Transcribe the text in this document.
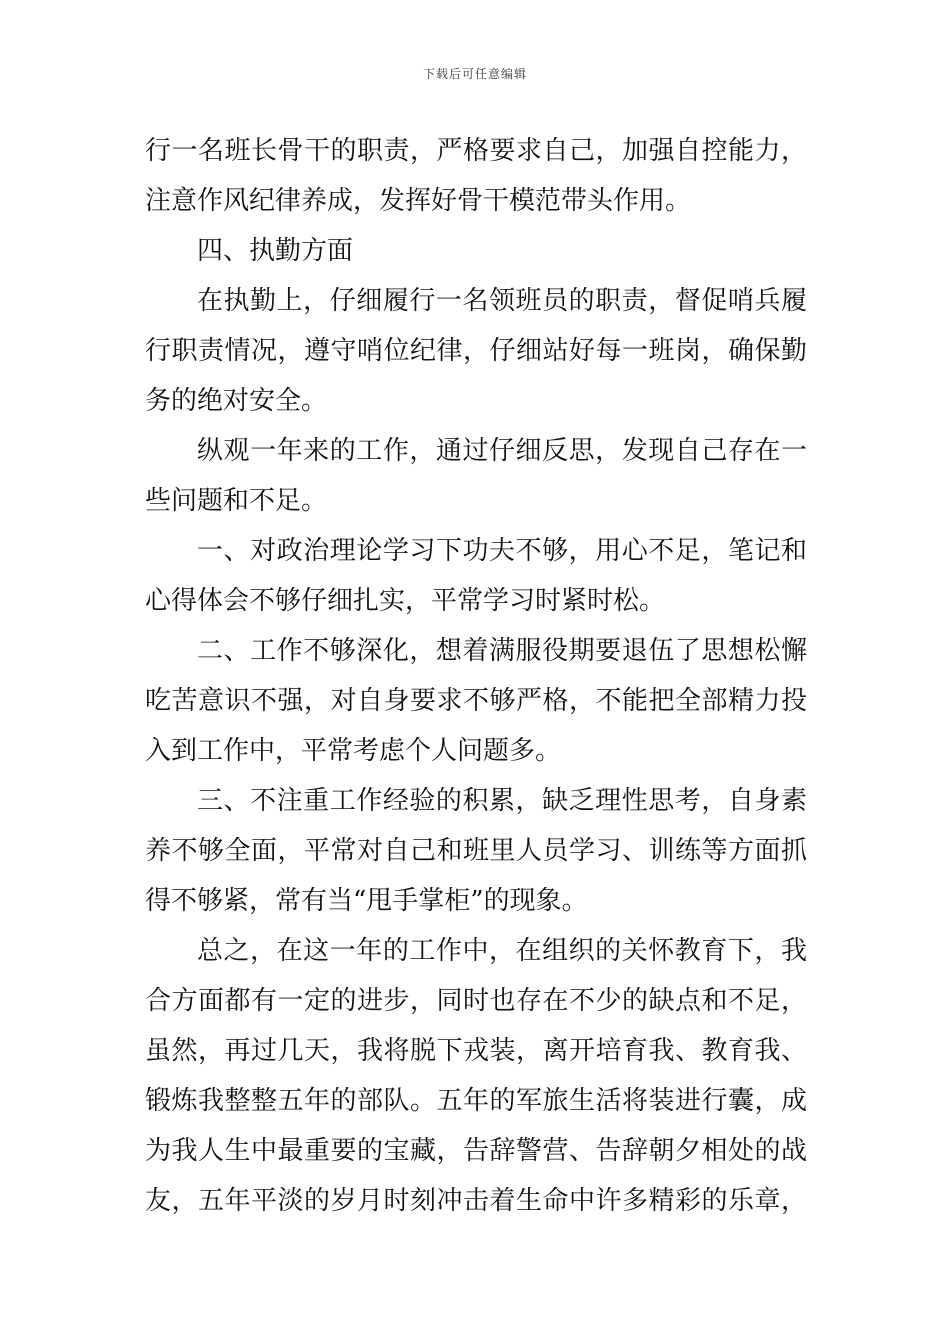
下载后可任意编辑
行一名班长骨干的职责，严格要求自己，加强自控能力，
注意作风纪律养成，发挥好骨干模范带头作用。
四、执勤方面
在执勤上，仔细履行一名领班员的职责，督促哨兵履
行职责情况，遵守哨位纪律，仔细站好每一班岗，确保勤
务的绝对安全。
纵观一年来的工作，通过仔细反思，发现自己存在一
些问题和不足。
一、对政治理论学习下功夫不够，用心不足，笔记和
心得体会不够仔细扎实，平常学习时紧时松。
二、工作不够深化，想着满服役期要退伍了思想松懈
吃苦意识不强，对自身要求不够严格，不能把全部精力投
入到工作中，平常考虑个人问题多。
三、不注重工作经验的积累，缺乏理性思考，自身素
养不够全面，平常对自己和班里人员学习、训练等方面抓
得不够紧，常有当“甩手掌柜”的现象。
总之，在这一年的工作中，在组织的关怀教育下，我
合方面都有一定的进步，同时也存在不少的缺点和不足，
虽然，再过几天，我将脱下戎装，离开培育我、教育我、
锻炼我整整五年的部队。五年的军旅生活将装进行囊，成
为我人生中最重要的宝藏，告辞警营、告辞朝夕相处的战
友，五年平淡的岁月时刻冲击着生命中许多精彩的乐章，
